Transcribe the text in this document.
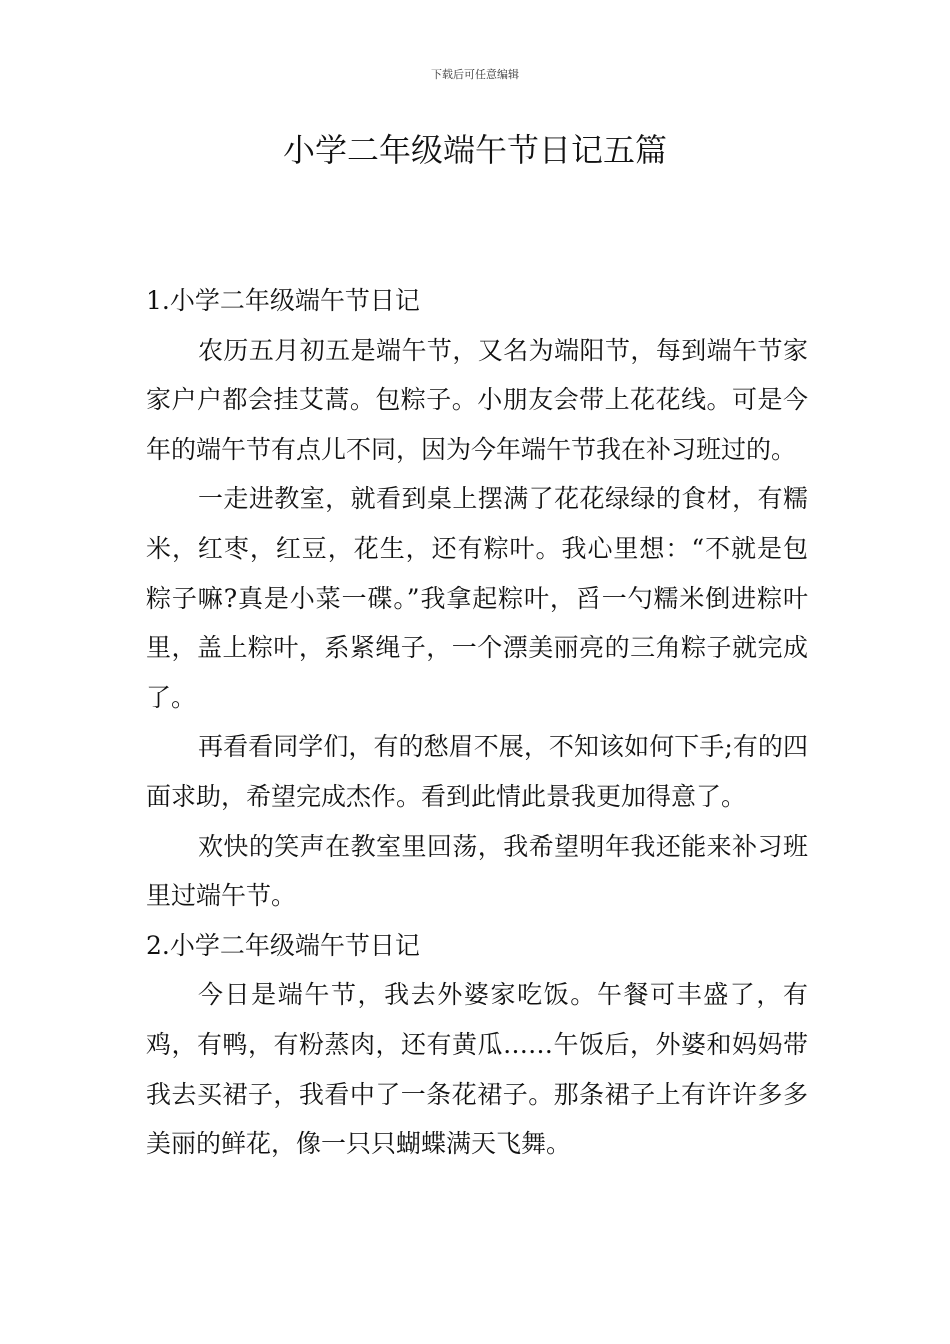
下载后可任意编辑
小学二年级端午节日记五篇

1.小学二年级端午节日记

农历五月初五是端午节，又名为端阳节，每到端午节家家户户都会挂艾蒿。包粽子。小朋友会带上花花线。可是今年的端午节有点儿不同，因为今年端午节我在补习班过的。

一走进教室，就看到桌上摆满了花花绿绿的食材，有糯米，红枣，红豆，花生，还有粽叶。我心里想：“不就是包粽子嘛?真是小菜一碟。”我拿起粽叶，舀一勺糯米倒进粽叶里，盖上粽叶，系紧绳子，一个漂美丽亮的三角粽子就完成了。

再看看同学们，有的愁眉不展，不知该如何下手;有的四面求助，希望完成杰作。看到此情此景我更加得意了。

欢快的笑声在教室里回荡，我希望明年我还能来补习班里过端午节。

2.小学二年级端午节日记

今日是端午节，我去外婆家吃饭。午餐可丰盛了，有鸡，有鸭，有粉蒸肉，还有黄瓜……午饭后，外婆和妈妈带我去买裙子，我看中了一条花裙子。那条裙子上有许许多多美丽的鲜花，像一只只蝴蝶满天飞舞。
